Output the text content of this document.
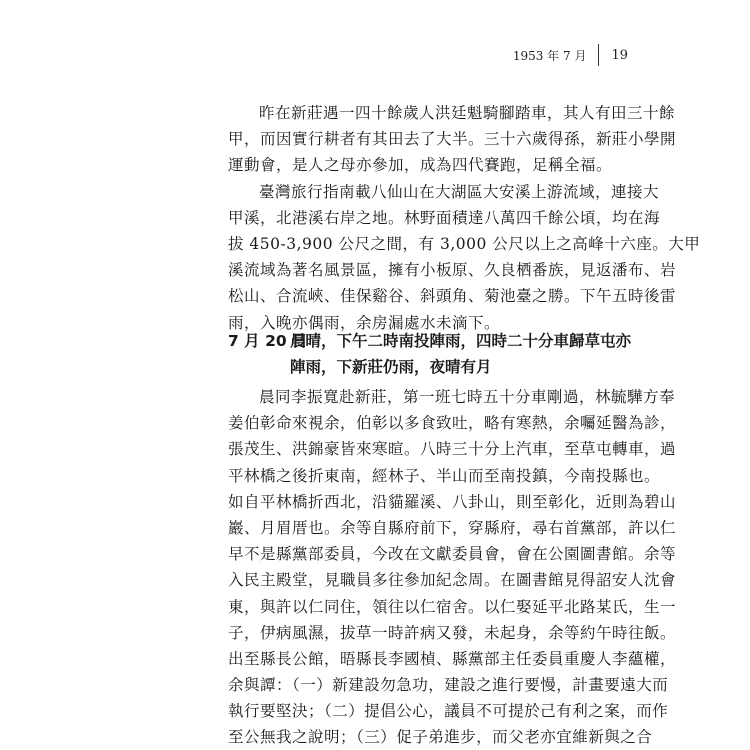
1953 年 7 月	19
昨在新莊遇一四十餘歲人洪廷魁騎腳踏車，其人有田三十餘
甲，而因實行耕者有其田去了大半。三十六歲得孫，新莊小學開
運動會，是人之母亦參加，成為四代賽跑，足稱全福。
臺灣旅行指南載八仙山在大湖區大安溪上游流域，連接大
甲溪，北港溪右岸之地。林野面積達八萬四千餘公頃，均在海
拔 450-3,900 公尺之間，有 3,000 公尺以上之高峰十六座。大甲
溪流域為著名風景區，擁有小板原、久良栖番族，見返潘布、岩
松山、合流峽、佳保谿谷、斜頭角、菊池臺之勝。下午五時後雷
雨，入晚亦偶雨，余房漏處水未滴下。
7 月 20 日晨晴，下午二時南投陣雨，四時二十分車歸草屯亦
陣雨，下新莊仍雨，夜晴有月
晨同李振寬赴新莊，第一班七時五十分車剛過，林毓驊方奉
姜伯彰命來視余，伯彰以多食致吐，略有寒熱，余囑延醫為診，
張茂生、洪錦豪皆來寒暄。八時三十分上汽車，至草屯轉車，過
平林橋之後折東南，經林子、半山而至南投鎮，今南投縣也。
如自平林橋折西北，沿貓羅溪、八卦山，則至彰化，近則為碧山
巖、月眉厝也。余等自縣府前下，穿縣府，尋右首黨部，許以仁
早不是縣黨部委員，今改在文獻委員會，會在公園圖書館。余等
入民主殿堂，見職員多往參加紀念周。在圖書館見得詔安人沈會
東，與許以仁同住，領往以仁宿舍。以仁娶延平北路某氏，生一
子，伊病風濕，拔草一時許病又發，未起身，余等約午時往飯。
出至縣長公館，晤縣長李國楨、縣黨部主任委員重慶人李蘊權，
余與譚：（一）新建設勿急功，建設之進行要慢，計畫要遠大而
執行要堅決；（二）提倡公心，議員不可提於己有利之案，而作
至公無我之說明；（三）促子弟進步，而父老亦宜維新與之合
